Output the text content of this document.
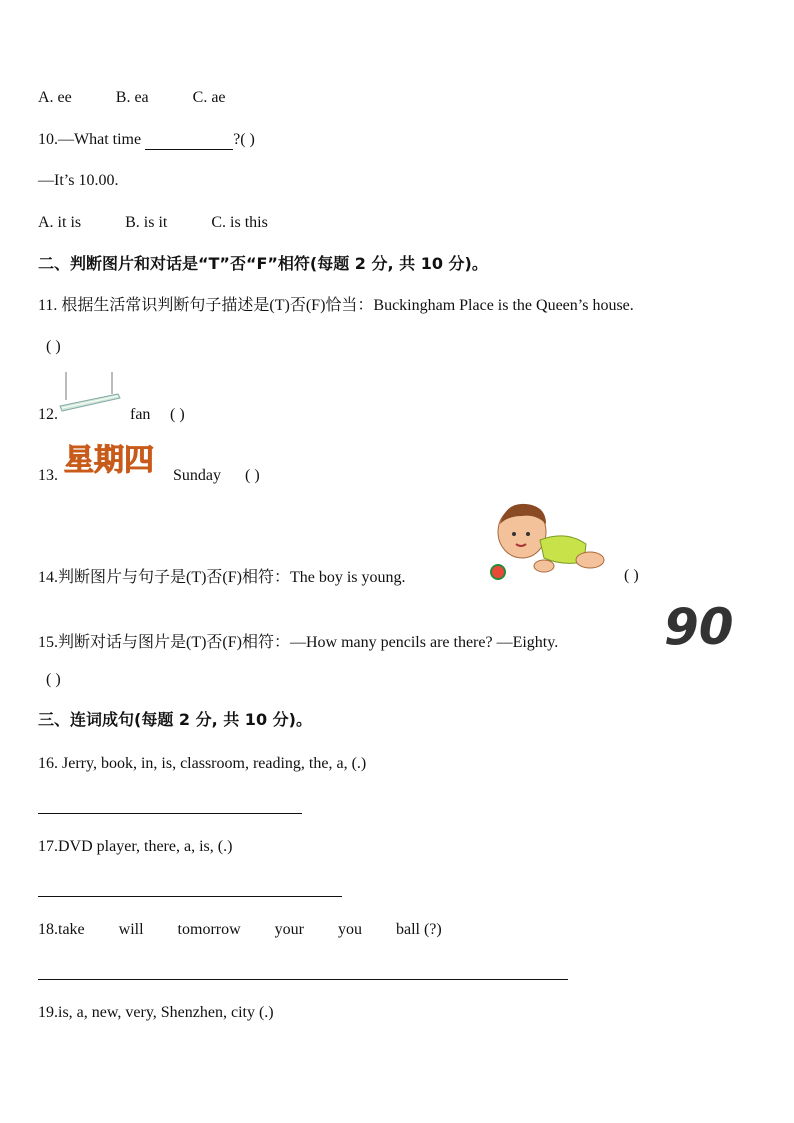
A. ee	B. ea	C. ae
10.—What time	?( )
—It’s 10.00.
A. it is	B. is it	C. is this
二、判断图片和对话是“T”否“F”相符(每题 2 分, 共 10 分)。
11. 根据生活常识判断句子描述是(T)否(F)恰当：Buckingham Place is the Queen’s house.
( )
12.	fan ( )
13. 星期四 Sunday ( )
14.判断图片与句子是(T)否(F)相符：The boy is young.	( )
15.判断对话与图片是(T)否(F)相符：—How many pencils are there? —Eighty. 90
( )
三、连词成句(每题 2 分, 共 10 分)。
16. Jerry, book, in, is, classroom, reading, the, a, (.)
17.DVD player, there, a, is, (.)
18.take will tomorrow your you ball (?)
19.is, a, new, very, Shenzhen, city (.)
